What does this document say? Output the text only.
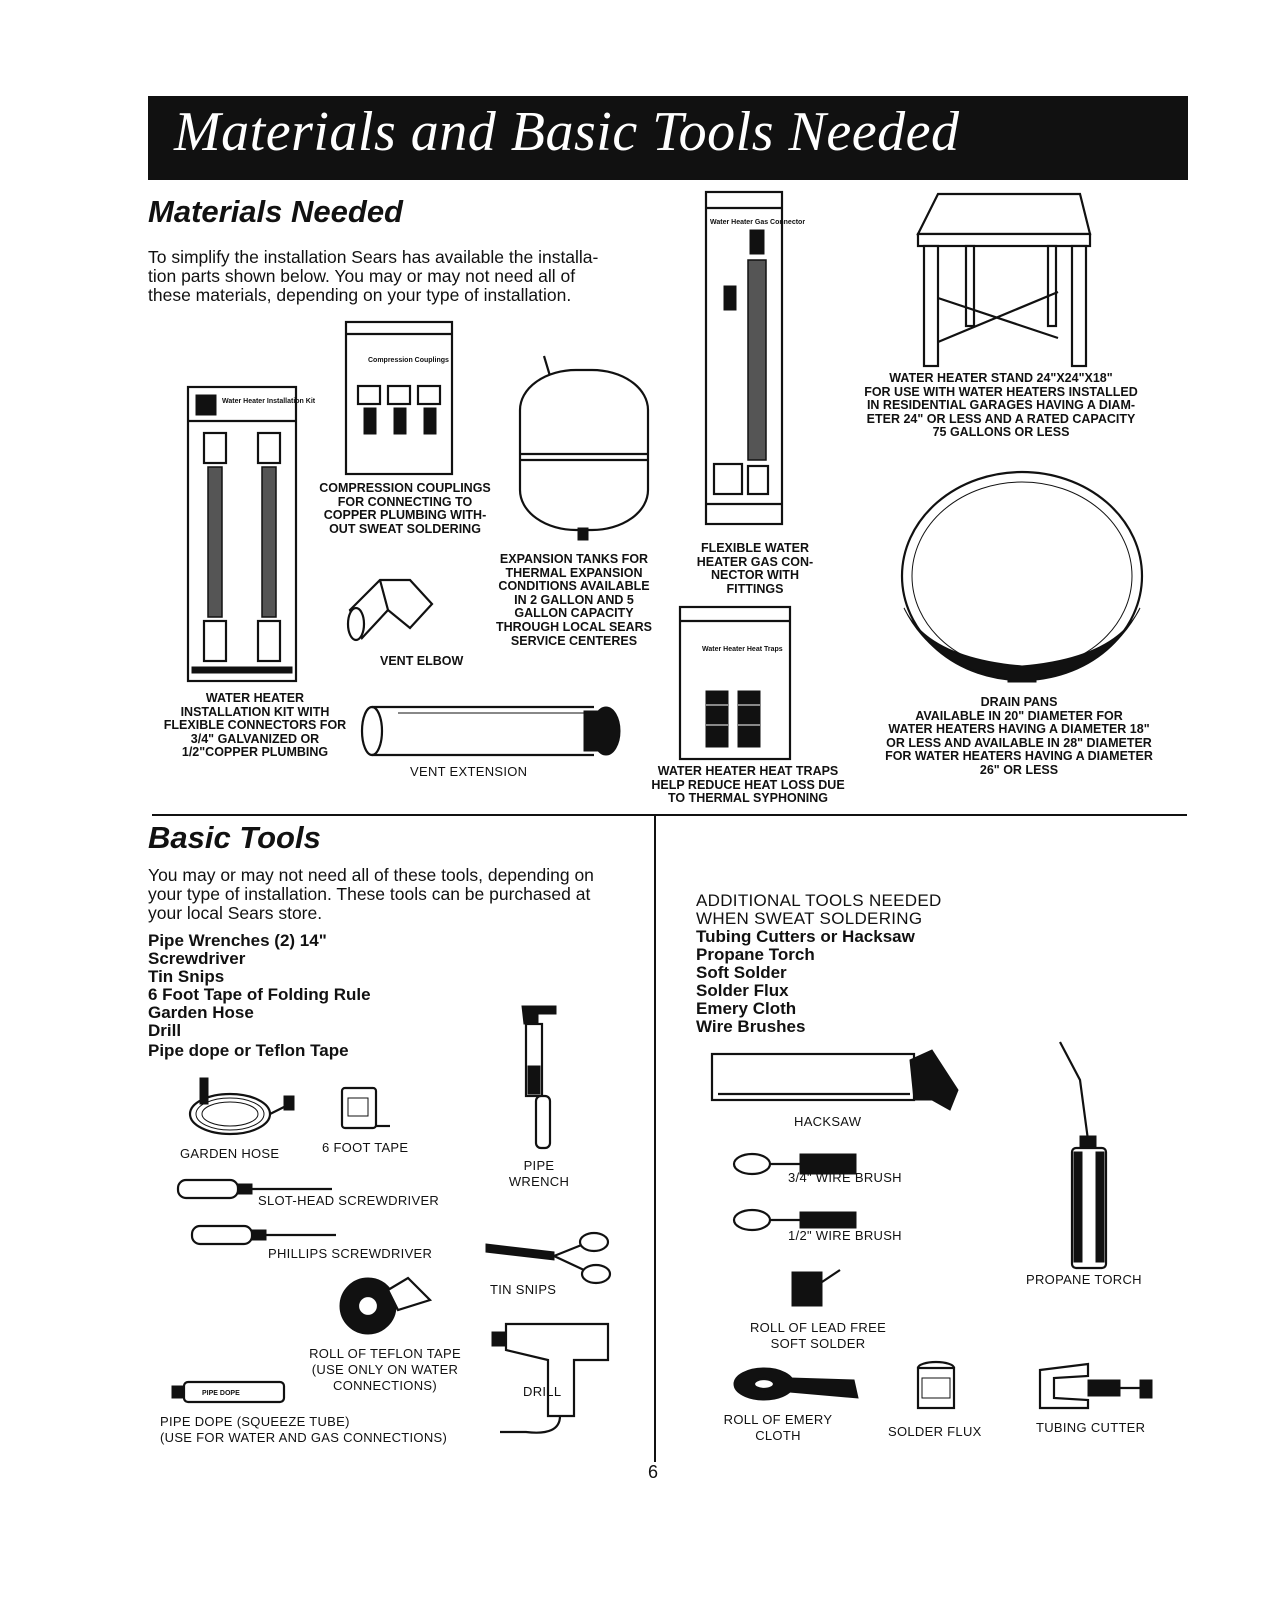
Materials and Basic Tools Needed
Materials Needed
To simplify the installation Sears has available the installa-
tion parts shown below. You may or may not need all of
these materials, depending on your type of installation.
Water Heater Installation Kit
WATER HEATER
INSTALLATION KIT WITH
FLEXIBLE CONNECTORS FOR
3/4" GALVANIZED OR
1/2"COPPER PLUMBING
Compression Couplings
COMPRESSION COUPLINGS
FOR CONNECTING TO
COPPER PLUMBING WITH-
OUT SWEAT SOLDERING
VENT ELBOW
EXPANSION TANKS FOR
THERMAL EXPANSION
CONDITIONS AVAILABLE
IN 2 GALLON AND 5
GALLON CAPACITY
THROUGH LOCAL SEARS
SERVICE CENTERES
VENT EXTENSION
Water Heater Gas Connector
FLEXIBLE WATER
HEATER GAS CON-
NECTOR WITH
FITTINGS
Water Heater Heat Traps
WATER HEATER HEAT TRAPS
HELP REDUCE HEAT LOSS DUE
TO THERMAL SYPHONING
WATER HEATER STAND 24"X24"X18"
FOR USE WITH WATER HEATERS INSTALLED
IN RESIDENTIAL GARAGES HAVING A DIAM-
ETER 24" OR LESS AND A RATED CAPACITY
75 GALLONS OR LESS
DRAIN PANS
AVAILABLE IN 20" DIAMETER FOR
WATER HEATERS HAVING A DIAMETER 18"
OR LESS AND AVAILABLE IN 28" DIAMETER
FOR WATER HEATERS HAVING A DIAMETER
26" OR LESS
Basic Tools
You may or may not need all of these tools, depending on
your type of installation. These tools can be purchased at
your local Sears store.
Pipe Wrenches (2) 14"
Screwdriver
Tin Snips
6 Foot Tape of Folding Rule
Garden Hose
Drill
Pipe dope or Teflon Tape
GARDEN HOSE	6 FOOT TAPE
PIPE
WRENCH
SLOT-HEAD SCREWDRIVER
PHILLIPS SCREWDRIVER
TIN SNIPS
ROLL OF TEFLON TAPE
(USE ONLY ON WATER
CONNECTIONS)	DRILL
PIPE DOPE
PIPE DOPE (SQUEEZE TUBE)
(USE FOR WATER AND GAS CONNECTIONS)
ADDITIONAL TOOLS NEEDED
WHEN SWEAT SOLDERING
Tubing Cutters or Hacksaw
Propane Torch
Soft Solder
Solder Flux
Emery Cloth
Wire Brushes
HACKSAW
3/4" WIRE BRUSH
1/2" WIRE BRUSH
ROLL OF LEAD FREE
SOFT SOLDER
PROPANE TORCH
ROLL OF EMERY
CLOTH	SOLDER FLUX	TUBING CUTTER
6
